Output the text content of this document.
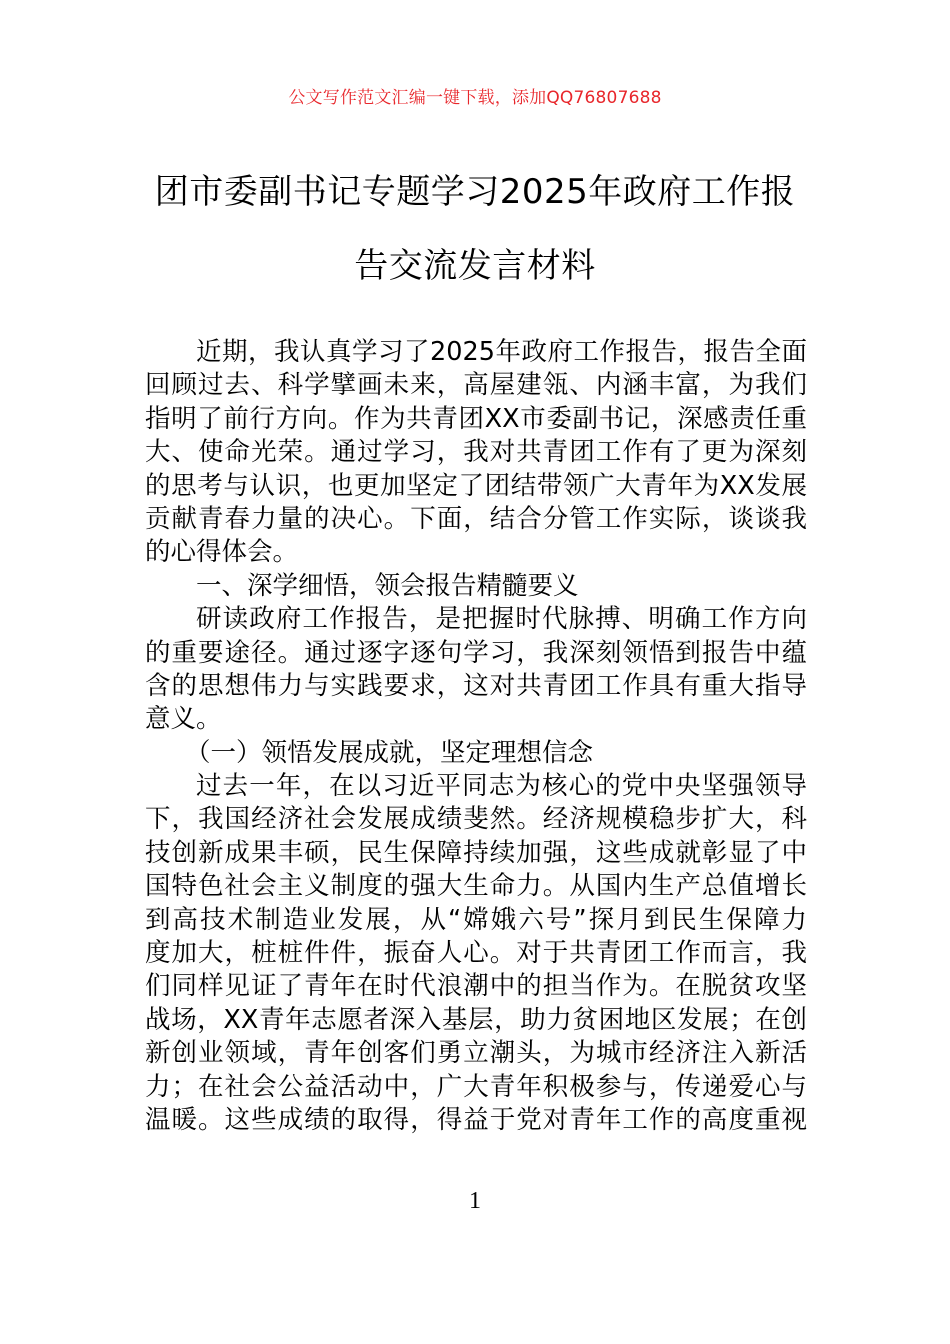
公文写作范文汇编一键下载，添加QQ76807688
团市委副书记专题学习2025年政府工作报
告交流发言材料
近期，我认真学习了2025年政府工作报告，报告全面
回顾过去、科学擘画未来，高屋建瓴、内涵丰富，为我们
指明了前行方向。作为共青团XX市委副书记，深感责任重
大、使命光荣。通过学习，我对共青团工作有了更为深刻
的思考与认识，也更加坚定了团结带领广大青年为XX发展
贡献青春力量的决心。下面，结合分管工作实际，谈谈我
的心得体会。
一、深学细悟，领会报告精髓要义
研读政府工作报告，是把握时代脉搏、明确工作方向
的重要途径。通过逐字逐句学习，我深刻领悟到报告中蕴
含的思想伟力与实践要求，这对共青团工作具有重大指导
意义。
（一）领悟发展成就，坚定理想信念
过去一年，在以习近平同志为核心的党中央坚强领导
下，我国经济社会发展成绩斐然。经济规模稳步扩大，科
技创新成果丰硕，民生保障持续加强，这些成就彰显了中
国特色社会主义制度的强大生命力。从国内生产总值增长
到高技术制造业发展，从“嫦娥六号”探月到民生保障力
度加大，桩桩件件，振奋人心。对于共青团工作而言，我
们同样见证了青年在时代浪潮中的担当作为。在脱贫攻坚
战场，XX青年志愿者深入基层，助力贫困地区发展；在创
新创业领域，青年创客们勇立潮头，为城市经济注入新活
力；在社会公益活动中，广大青年积极参与，传递爱心与
温暖。这些成绩的取得，得益于党对青年工作的高度重视
1
